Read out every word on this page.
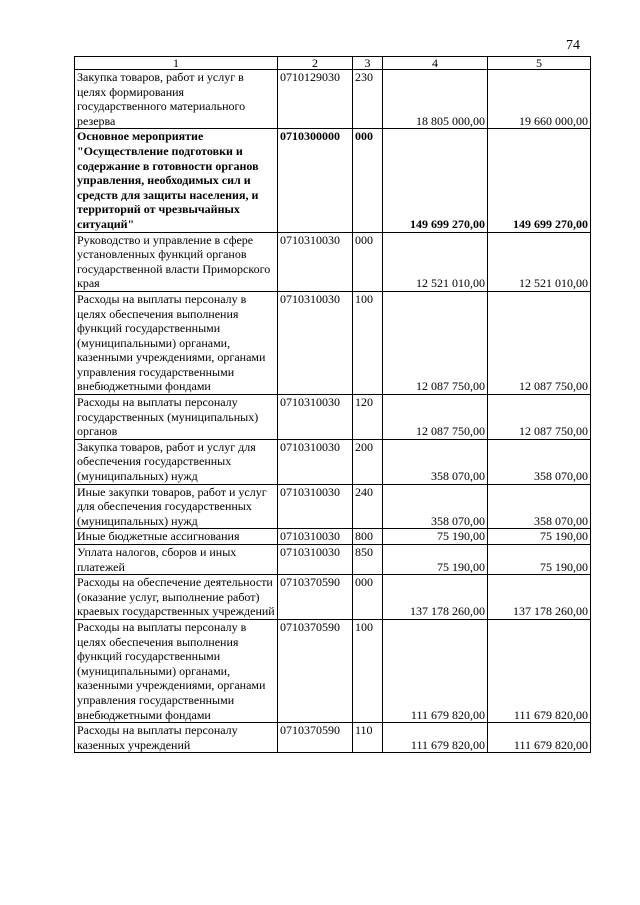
74
1	2	3	4	5
Закупка товаров, работ и услуг в целях формирования государственного материального резерва	0710129030	230	18 805 000,00	19 660 000,00
Основное мероприятие "Осуществление подготовки и содержание в готовности органов управления, необходимых сил и средств для защиты населения, и территорий от чрезвычайных ситуаций"	0710300000	000	149 699 270,00	149 699 270,00
Руководство и управление в сфере установленных функций органов государственной власти Приморского края	0710310030	000	12 521 010,00	12 521 010,00
Расходы на выплаты персоналу в целях обеспечения выполнения функций государственными (муниципальными) органами, казенными учреждениями, органами управления государственными внебюджетными фондами	0710310030	100	12 087 750,00	12 087 750,00
Расходы на выплаты персоналу государственных (муниципальных) органов	0710310030	120	12 087 750,00	12 087 750,00
Закупка товаров, работ и услуг для обеспечения государственных (муниципальных) нужд	0710310030	200	358 070,00	358 070,00
Иные закупки товаров, работ и услуг для обеспечения государственных (муниципальных) нужд	0710310030	240	358 070,00	358 070,00
Иные бюджетные ассигнования	0710310030	800	75 190,00	75 190,00
Уплата налогов, сборов и иных платежей	0710310030	850	75 190,00	75 190,00
Расходы на обеспечение деятельности (оказание услуг, выполнение работ) краевых государственных учреждений	0710370590	000	137 178 260,00	137 178 260,00
Расходы на выплаты персоналу в целях обеспечения выполнения функций государственными (муниципальными) органами, казенными учреждениями, органами управления государственными внебюджетными фондами	0710370590	100	111 679 820,00	111 679 820,00
Расходы на выплаты персоналу казенных учреждений	0710370590	110	111 679 820,00	111 679 820,00
